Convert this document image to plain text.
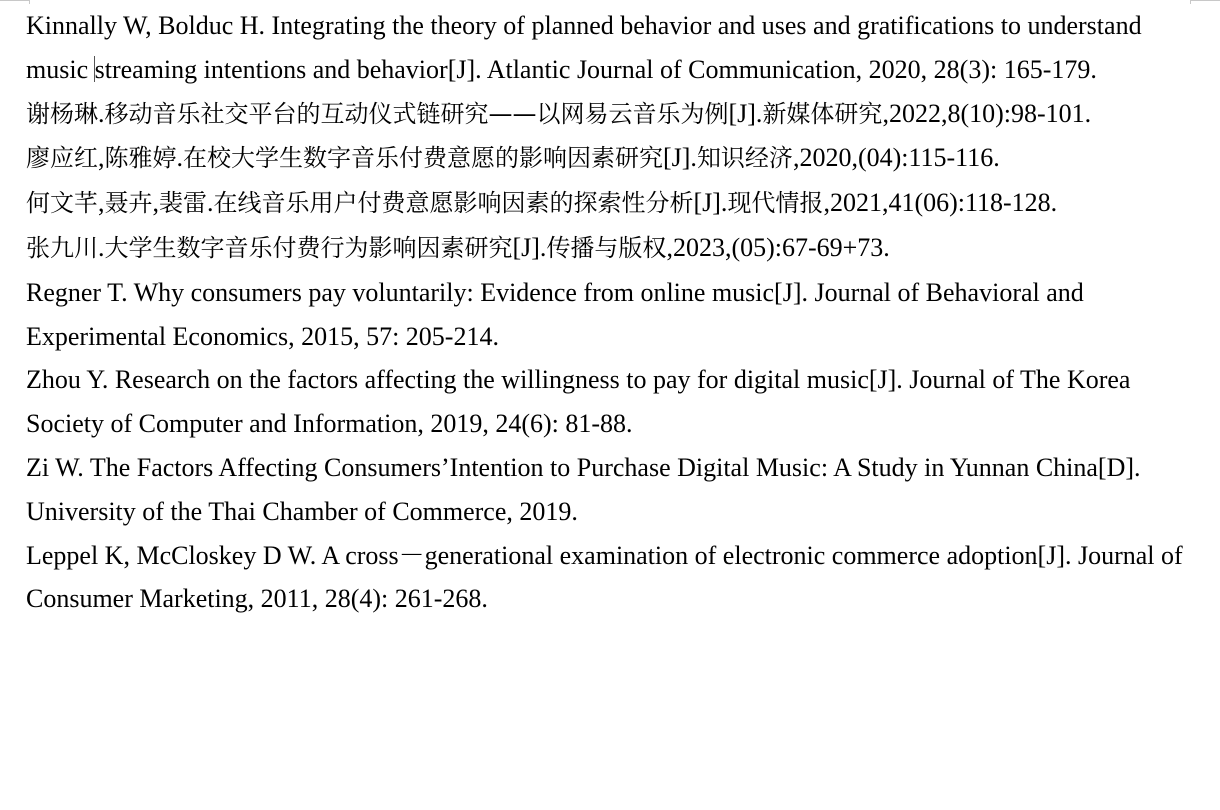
Kinnally W, Bolduc H. Integrating the theory of planned behavior and uses and gratifications to understand music streaming intentions and behavior[J]. Atlantic Journal of Communication, 2020, 28(3): 165-179.

谢杨琳.移动音乐社交平台的互动仪式链研究——以网易云音乐为例[J].新媒体研究,2022,8(10):98-101.

廖应红,陈雅婷.在校大学生数字音乐付费意愿的影响因素研究[J].知识经济,2020,(04):115-116.

何文芊,聂卉,裴雷.在线音乐用户付费意愿影响因素的探索性分析[J].现代情报,2021,41(06):118-128.

张九川.大学生数字音乐付费行为影响因素研究[J].传播与版权,2023,(05):67-69+73.

Regner T. Why consumers pay voluntarily: Evidence from online music[J]. Journal of Behavioral and Experimental Economics, 2015, 57: 205-214.

Zhou Y. Research on the factors affecting the willingness to pay for digital music[J]. Journal of The Korea Society of Computer and Information, 2019, 24(6): 81-88.

Zi W. The Factors Affecting Consumers’Intention to Purchase Digital Music: A Study in Yunnan China[D]. University of the Thai Chamber of Commerce, 2019.

Leppel K, McCloskey D W. A cross－generational examination of electronic commerce adoption[J]. Journal of Consumer Marketing, 2011, 28(4): 261-268.
